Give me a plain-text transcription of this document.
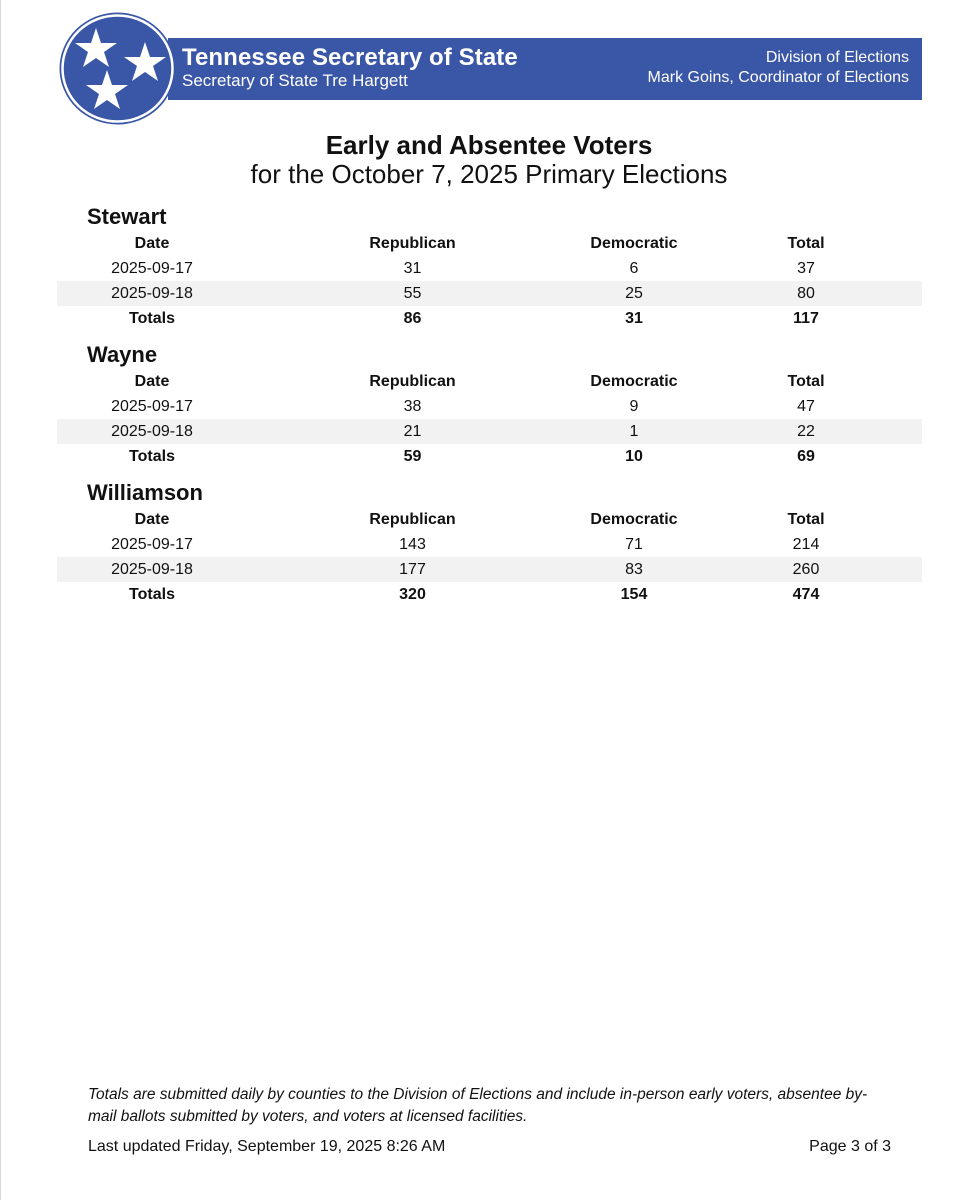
Tennessee Secretary of State
Secretary of State Tre Hargett
Division of Elections
Mark Goins, Coordinator of Elections
Early and Absentee Voters
for the October 7, 2025 Primary Elections
Stewart
Date	Republican	Democratic	Total
2025-09-17	31	6	37
2025-09-18	55	25	80
Totals	86	31	117
Wayne
Date	Republican	Democratic	Total
2025-09-17	38	9	47
2025-09-18	21	1	22
Totals	59	10	69
Williamson
Date	Republican	Democratic	Total
2025-09-17	143	71	214
2025-09-18	177	83	260
Totals	320	154	474
Totals are submitted daily by counties to the Division of Elections and include in-person early voters, absentee by-mail ballots submitted by voters, and voters at licensed facilities.
Last updated Friday, September 19, 2025 8:26 AM	Page 3 of 3
